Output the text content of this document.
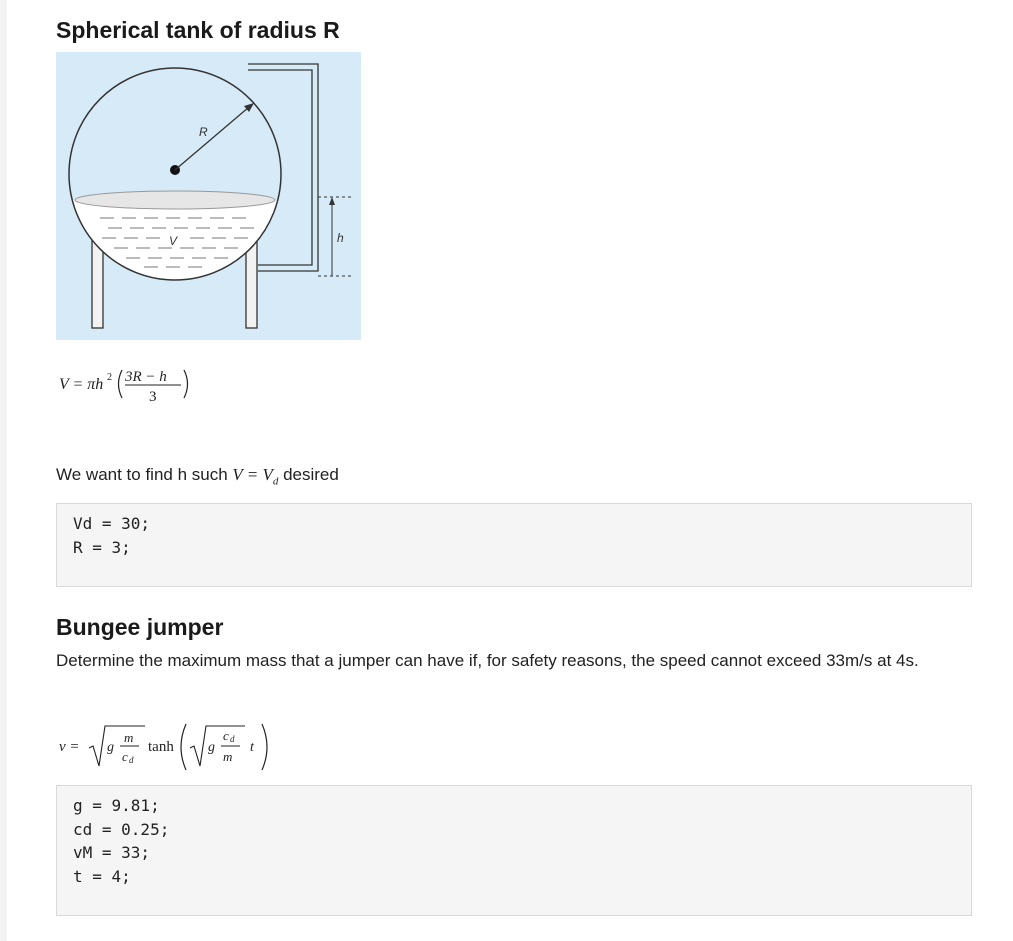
Spherical tank of radius R
R
V	h
V = πh 2 3R − h
3
We want to find h such $V = V_d$ desired
Vd = 30;
R = 3;
Bungee jumper
Determine the maximum mass that a jumper can have if, for safety reasons, the speed cannot exceed 33m/s at 4s.
v = g
m
c d
tanh g
c d
m
t
g = 9.81;
cd = 0.25;
vM = 33;
t = 4;
